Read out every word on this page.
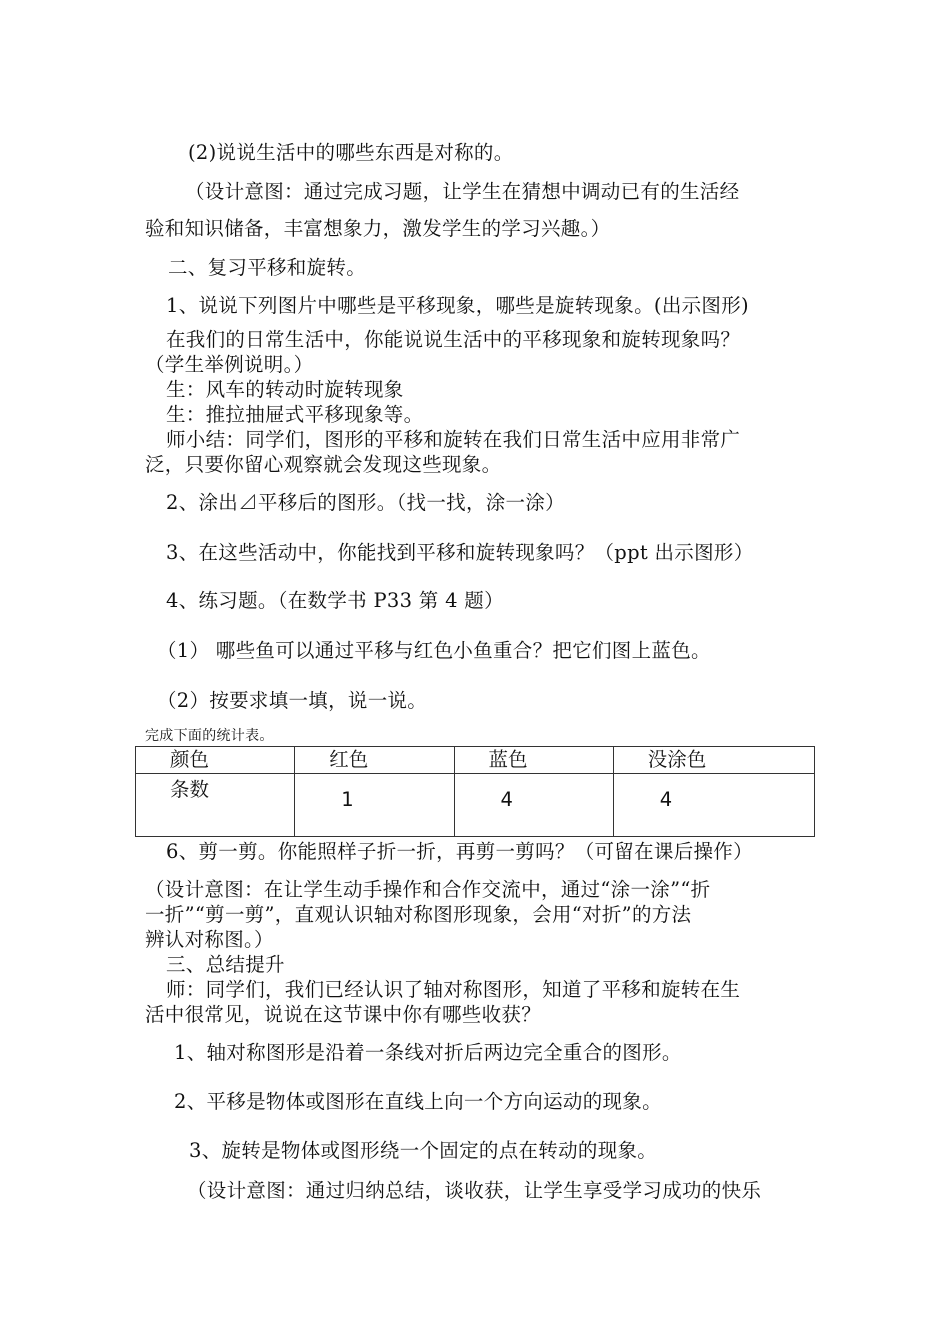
(2)说说生活中的哪些东西是对称的。
（设计意图：通过完成习题，让学生在猜想中调动已有的生活经
验和知识储备，丰富想象力，激发学生的学习兴趣。）
二、复习平移和旋转。
1、说说下列图片中哪些是平移现象，哪些是旋转现象。(出示图形)
在我们的日常生活中，你能说说生活中的平移现象和旋转现象吗？
（学生举例说明。）
生：风车的转动时旋转现象
生：推拉抽屉式平移现象等。
师小结：同学们，图形的平移和旋转在我们日常生活中应用非常广
泛，只要你留心观察就会发现这些现象。
2、涂出⊿平移后的图形。（找一找，涂一涂）
3、在这些活动中，你能找到平移和旋转现象吗？（ppt 出示图形）
4、练习题。（在数学书 P33 第 4 题）
（1） 哪些鱼可以通过平移与红色小鱼重合？把它们图上蓝色。
（2）按要求填一填，说一说。
完成下面的统计表。
颜色	红色	蓝色	没涂色
条数	1	4	4
6、剪一剪。你能照样子折一折，再剪一剪吗？（可留在课后操作）
（设计意图：在让学生动手操作和合作交流中，通过“涂一涂”“折
一折”“剪一剪”，直观认识轴对称图形现象，会用“对折”的方法
辨认对称图。）
三、总结提升
师：同学们，我们已经认识了轴对称图形，知道了平移和旋转在生
活中很常见，说说在这节课中你有哪些收获？
1、轴对称图形是沿着一条线对折后两边完全重合的图形。
2、平移是物体或图形在直线上向一个方向运动的现象。
3、旋转是物体或图形绕一个固定的点在转动的现象。
（设计意图：通过归纳总结，谈收获，让学生享受学习成功的快乐
